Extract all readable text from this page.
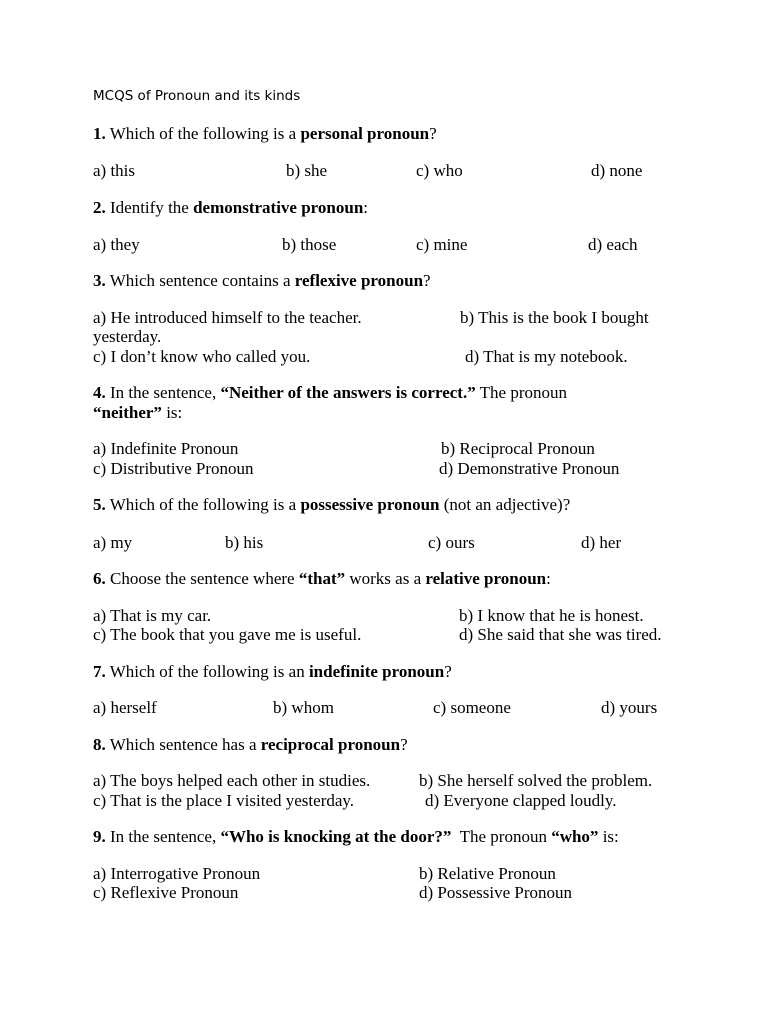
MCQS of Pronoun and its kinds
1. Which of the following is a personal pronoun?
a) this	b) she	c) who	d) none
2. Identify the demonstrative pronoun:
a) they	b) those	c) mine	d) each
3. Which sentence contains a reflexive pronoun?
a) He introduced himself to the teacher.	b) This is the book I bought
yesterday.
c) I don’t know who called you.	d) That is my notebook.
4. In the sentence, “Neither of the answers is correct.” The pronoun
“neither” is:
a) Indefinite Pronoun	b) Reciprocal Pronoun
c) Distributive Pronoun	d) Demonstrative Pronoun
5. Which of the following is a possessive pronoun (not an adjective)?
a) my	b) his	c) ours	d) her
6. Choose the sentence where “that” works as a relative pronoun:
a) That is my car.	b) I know that he is honest.
c) The book that you gave me is useful.	d) She said that she was tired.
7. Which of the following is an indefinite pronoun?
a) herself	b) whom	c) someone	d) yours
8. Which sentence has a reciprocal pronoun?
a) The boys helped each other in studies.	b) She herself solved the problem.
c) That is the place I visited yesterday.	d) Everyone clapped loudly.
9. In the sentence, “Who is knocking at the door?”  The pronoun “who” is:
a) Interrogative Pronoun	b) Relative Pronoun
c) Reflexive Pronoun	d) Possessive Pronoun
